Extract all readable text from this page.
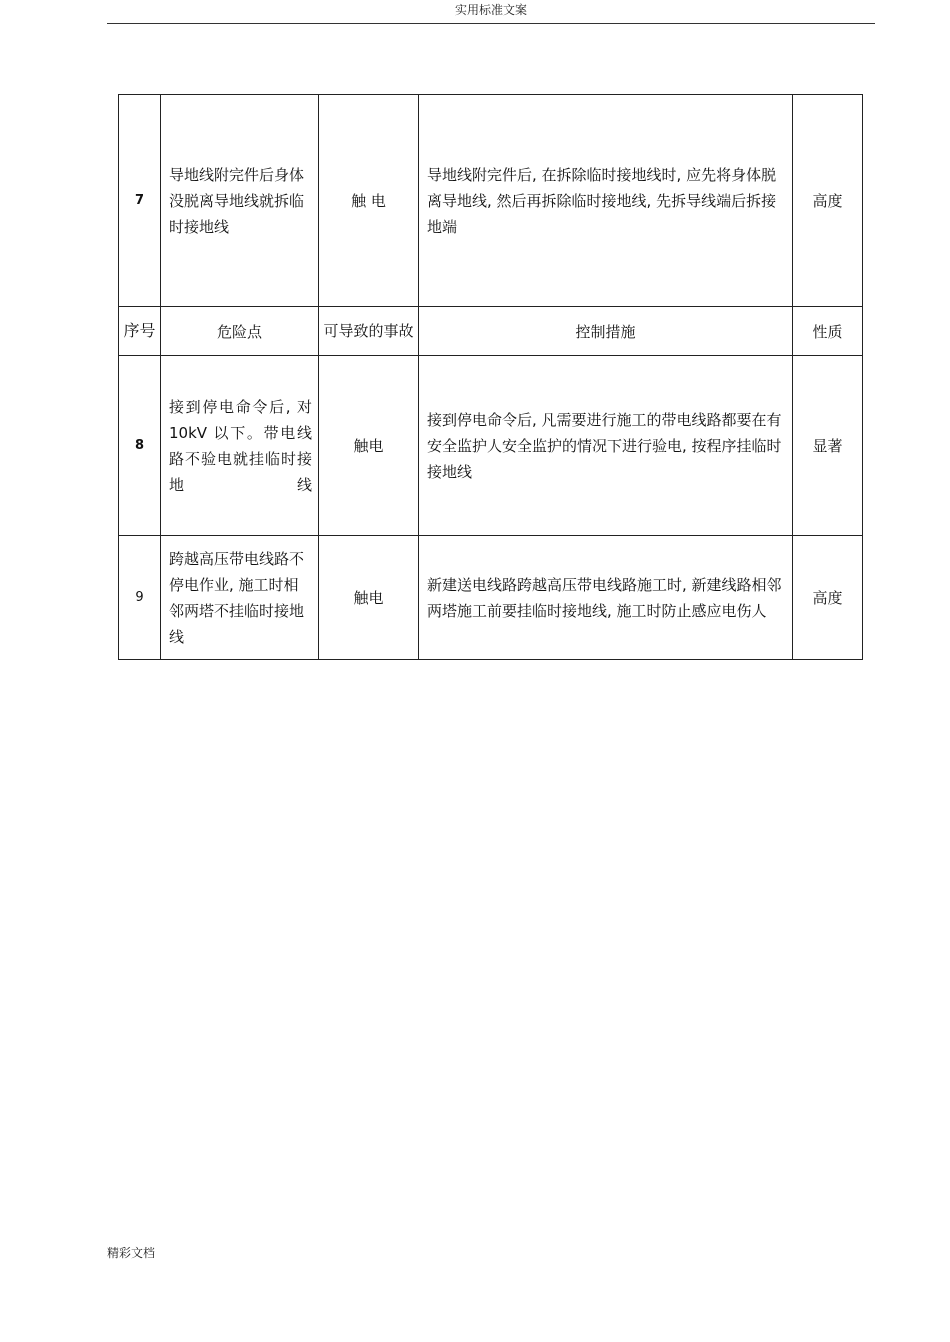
实用标准文案
7	导地线附完件后身体没脱离导地线就拆临时接地线	触 电	导地线附完件后, 在拆除临时接地线时, 应先将身体脱离导地线, 然后再拆除临时接地线, 先拆导线端后拆接地端	高度
序号	危险点	可导致的事故	控制措施	性质
8	接到停电命令后, 对 10kV 以下。带电线路不验电就挂临时接地线	触电	接到停电命令后, 凡需要进行施工的带电线路都要在有安全监护人安全监护的情况下进行验电, 按程序挂临时接地线	显著
9	跨越高压带电线路不停电作业, 施工时相邻两塔不挂临时接地线	触电	新建送电线路跨越高压带电线路施工时, 新建线路相邻两塔施工前要挂临时接地线, 施工时防止感应电伤人	高度
精彩文档
